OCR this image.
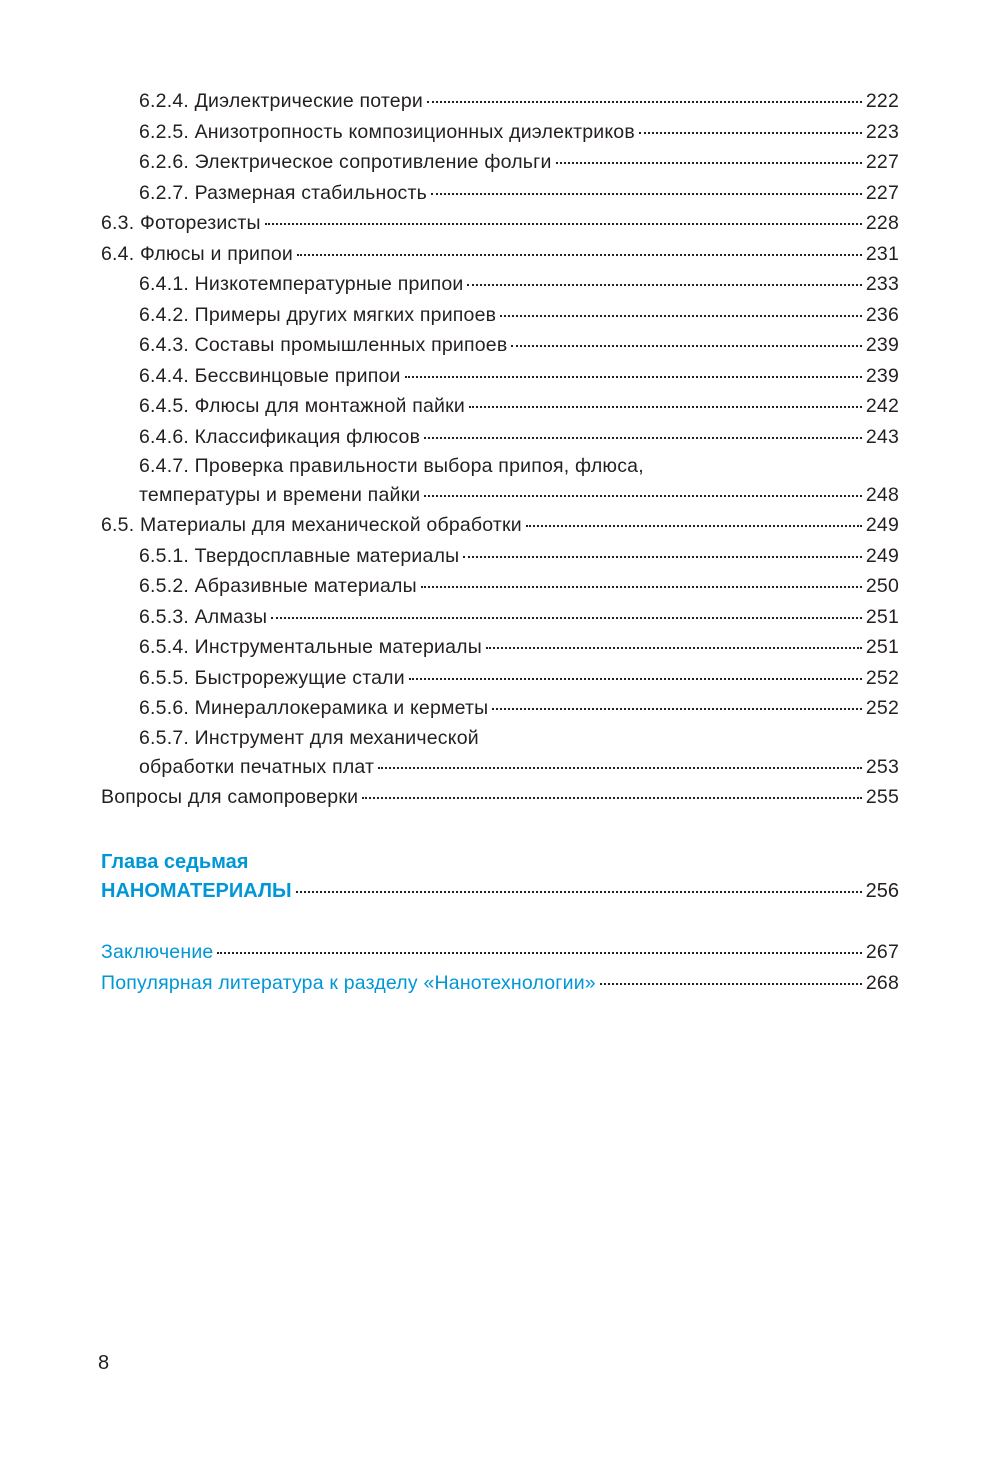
6.2.4. Диэлектрические потери	222
6.2.5. Анизотропность композиционных диэлектриков	223
6.2.6. Электрическое сопротивление фольги	227
6.2.7. Размерная стабильность	227
6.3. Фоторезисты	228
6.4. Флюсы и припои	231
6.4.1. Низкотемпературные припои	233
6.4.2. Примеры других мягких припоев	236
6.4.3. Составы промышленных припоев	239
6.4.4. Бессвинцовые припои	239
6.4.5. Флюсы для монтажной пайки	242
6.4.6. Классификация флюсов	243
6.4.7. Проверка правильности выбора припоя, флюса,
температуры и времени пайки	248
6.5. Материалы для механической обработки	249
6.5.1. Твердосплавные материалы	249
6.5.2. Абразивные материалы	250
6.5.3. Алмазы	251
6.5.4. Инструментальные материалы	251
6.5.5. Быстрорежущие стали	252
6.5.6. Минераллокерамика и керметы	252
6.5.7. Инструмент для механической
обработки печатных плат	253
Вопросы для самопроверки	255
Глава седьмая
НАНОМАТЕРИАЛЫ	256
Заключение	267
Популярная литература к разделу «Нанотехнологии»	268
8
